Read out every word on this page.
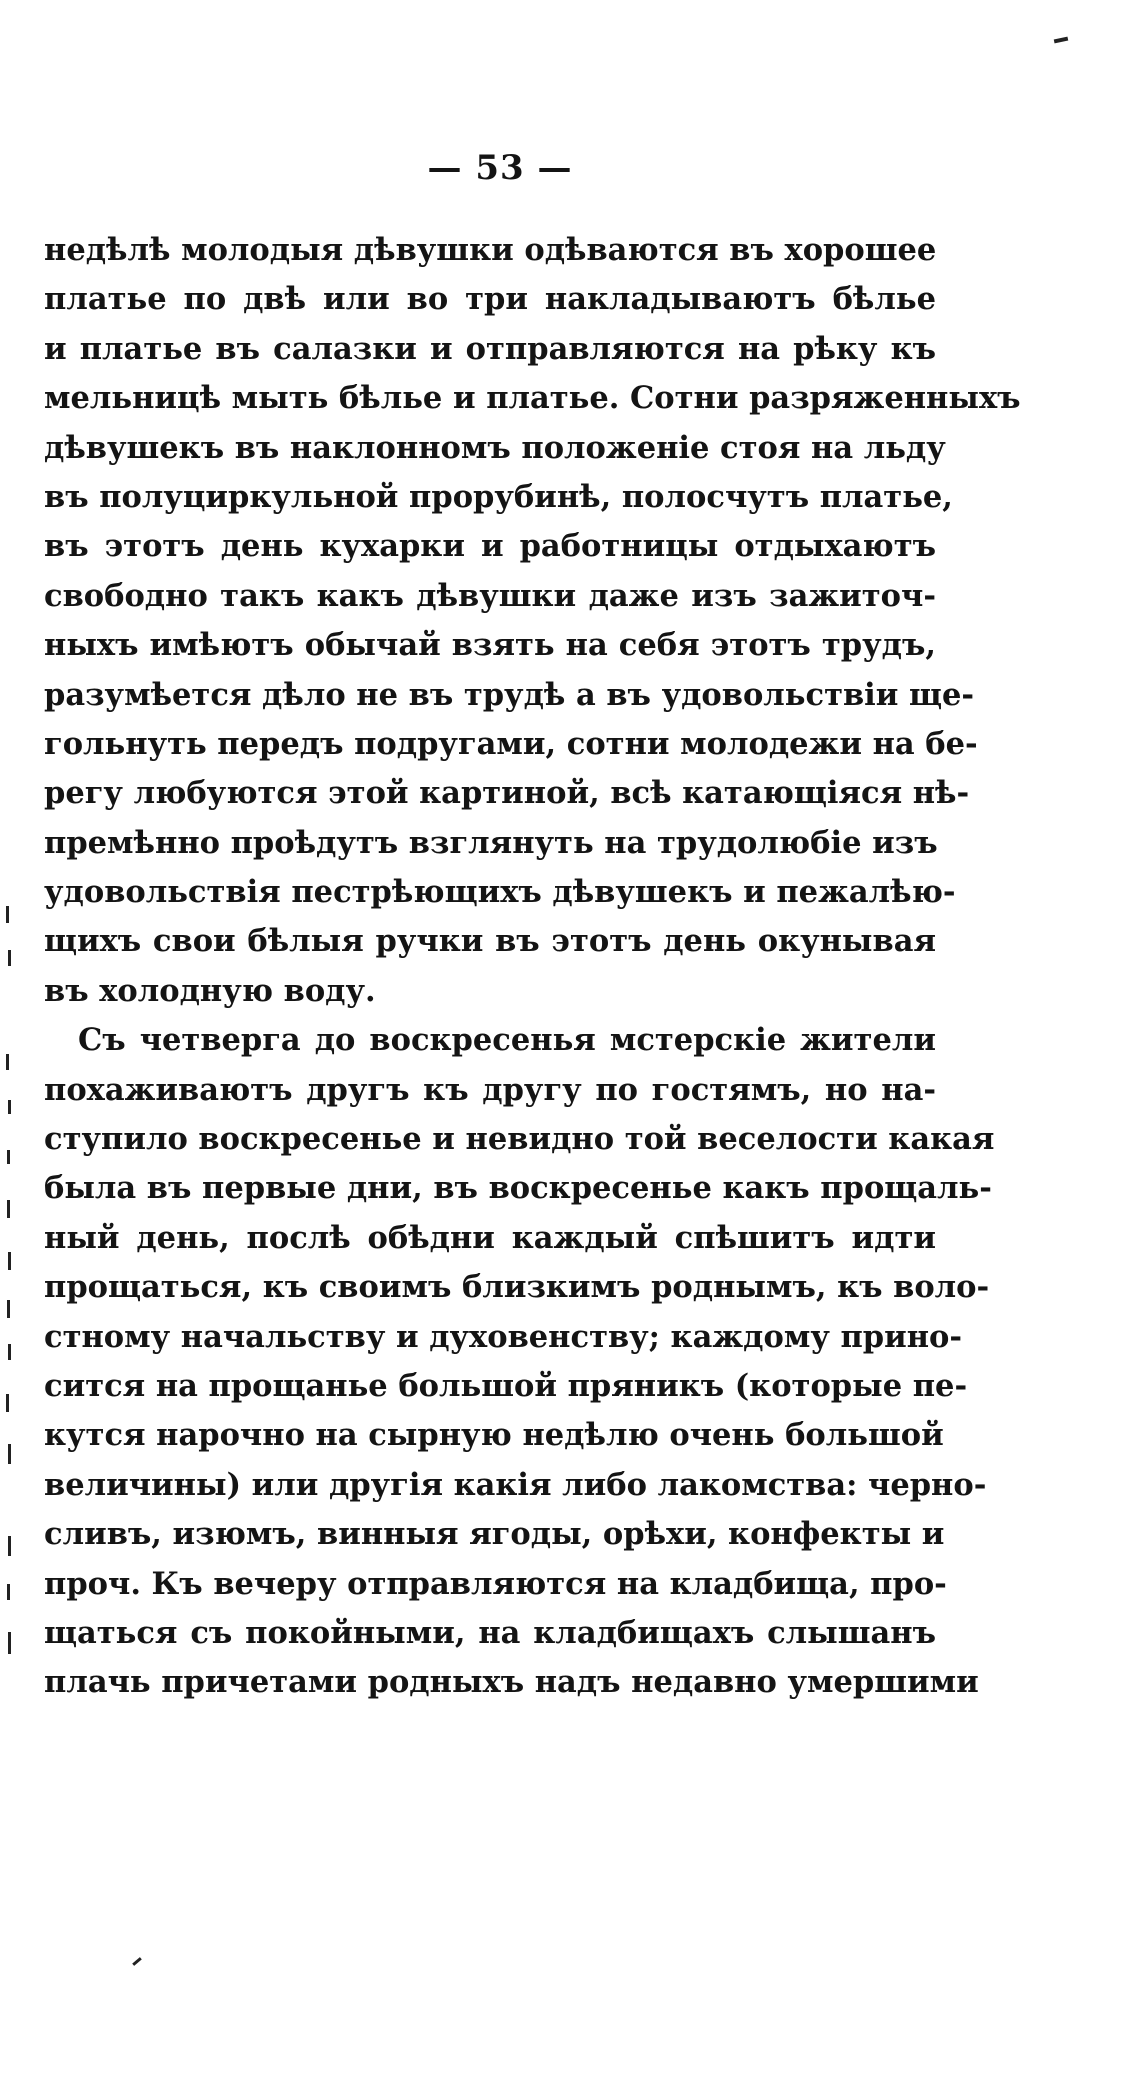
— 53 —
недѣлѣ молодыя дѣвушки одѣваются въ хорошее
платье по двѣ или во три накладываютъ бѣлье
и платье въ салазки и отправляются на рѣку къ
мельницѣ мыть бѣлье и платье. Сотни разряженныхъ
дѣвушекъ въ наклонномъ положеніе стоя на льду
въ полуциркульной прорубинѣ, полосчутъ платье,
въ этотъ день кухарки и работницы отдыхаютъ
свободно такъ какъ дѣвушки даже изъ зажиточ-
ныхъ имѣютъ обычай взять на себя этотъ трудъ,
разумѣется дѣло не въ трудѣ а въ удовольствіи ще-
гольнуть передъ подругами, сотни молодежи на бе-
регу любуются этой картиной, всѣ катающіяся нѣ-
премѣнно проѣдутъ взглянуть на трудолюбіе изъ
удовольствія пестрѣющихъ дѣвушекъ и пежалѣю-
щихъ свои бѣлыя ручки въ этотъ день окунывая
въ холодную воду.
Съ четверга до воскресенья мстерскіе жители
похаживаютъ другъ къ другу по гостямъ, но на-
ступило воскресенье и невидно той веселости какая
была въ первые дни, въ воскресенье какъ прощаль-
ный день, послѣ обѣдни каждый спѣшитъ идти
прощаться, къ своимъ близкимъ роднымъ, къ воло-
стному начальству и духовенству; каждому прино-
сится на прощанье большой пряникъ (которые пе-
кутся нарочно на сырную недѣлю очень большой
величины) или другія какія либо лакомства: черно-
сливъ, изюмъ, винныя ягоды, орѣхи, конфекты и
проч. Къ вечеру отправляются на кладбища, про-
щаться съ покойными, на кладбищахъ слышанъ
плачь причетами родныхъ надъ недавно умершими
